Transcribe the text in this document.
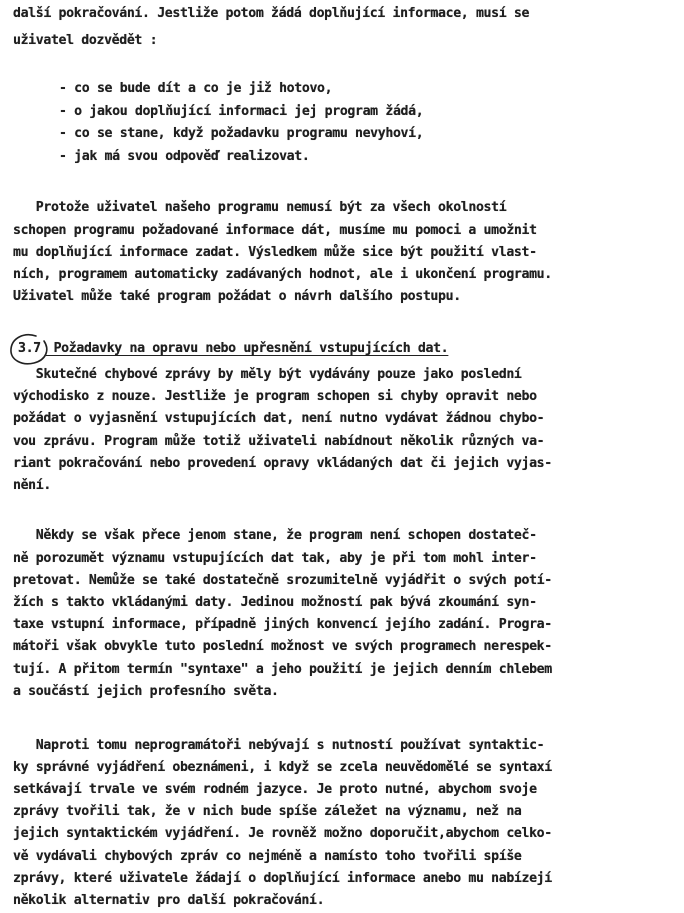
další pokračování. Jestliže potom žádá doplňující informace, musí se
uživatel dozvědět :
- co se bude dít a co je již hotovo,
- o jakou doplňující informaci jej program žádá,
- co se stane, když požadavku programu nevyhoví,
- jak má svou odpověď realizovat.
Protože uživatel našeho programu nemusí být za všech okolností
schopen programu požadované informace dát, musíme mu pomoci a umožnit
mu doplňující informace zadat. Výsledkem může sice být použití vlast-
ních, programem automaticky zadávaných hodnot, ale i ukončení programu.
Uživatel může také program požádat o návrh dalšího postupu.
3.7 Požadavky na opravu nebo upřesnění vstupujících dat.
Skutečné chybové zprávy by měly být vydávány pouze jako poslední
východisko z nouze. Jestliže je program schopen si chyby opravit nebo
požádat o vyjasnění vstupujících dat, není nutno vydávat žádnou chybo-
vou zprávu. Program může totiž uživateli nabídnout několik různých va-
riant pokračování nebo provedení opravy vkládaných dat či jejich vyjas-
nění.
Někdy se však přece jenom stane, že program není schopen dostateč-
ně porozumět významu vstupujících dat tak, aby je při tom mohl inter-
pretovat. Nemůže se také dostatečně srozumitelně vyjádřit o svých potí-
žích s takto vkládanými daty. Jedinou možností pak bývá zkoumání syn-
taxe vstupní informace, případně jiných konvencí jejího zadání. Progra-
mátoři však obvykle tuto poslední možnost ve svých programech nerespek-
tují. A přitom termín "syntaxe" a jeho použití je jejich denním chlebem
a součástí jejich profesního světa.
Naproti tomu neprogramátoři nebývají s nutností používat syntaktic-
ky správné vyjádření obeznámeni, i když se zcela neuvědomělé se syntaxí
setkávají trvale ve svém rodném jazyce. Je proto nutné, abychom svoje
zprávy tvořili tak, že v nich bude spíše záležet na významu, než na
jejich syntaktickém vyjádření. Je rovněž možno doporučit,abychom celko-
vě vydávali chybových zpráv co nejméně a namísto toho tvořili spíše
zprávy, které uživatele žádají o doplňující informace anebo mu nabízejí
několik alternativ pro další pokračování.
